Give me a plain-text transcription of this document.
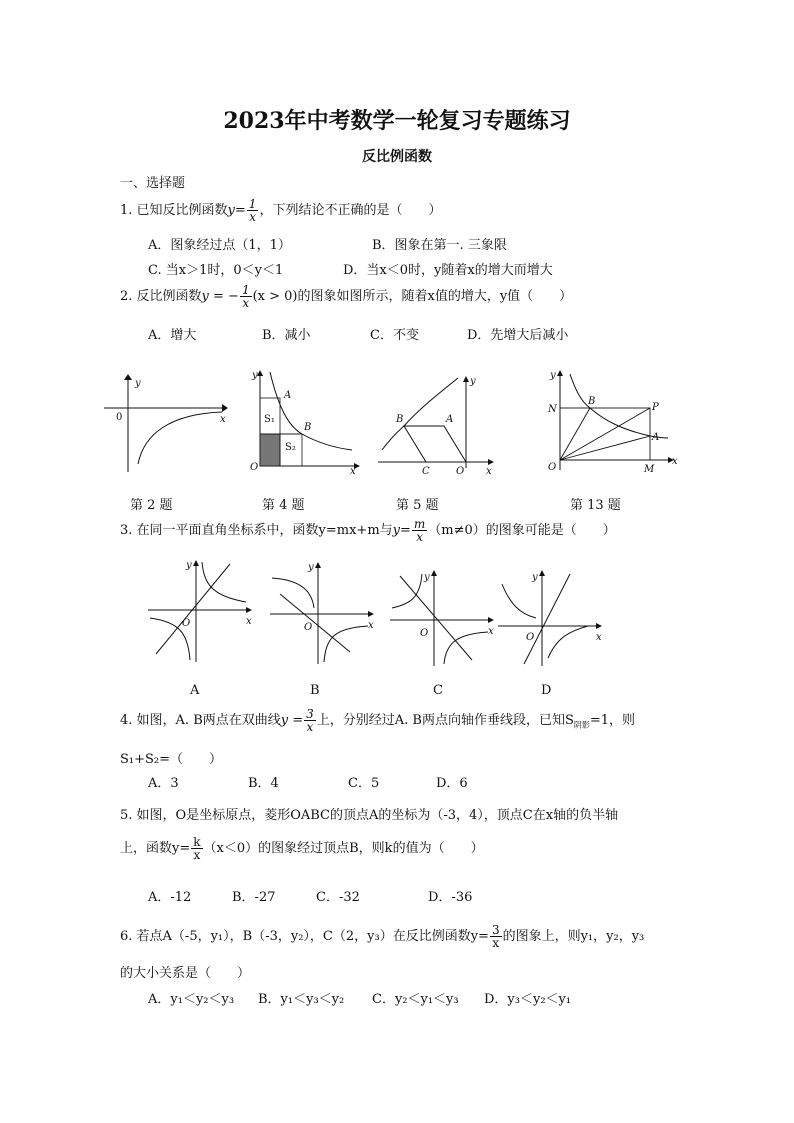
2023年中考数学一轮复习专题练习
反比例函数
一、选择题
1. 已知反比例函数$y= \frac{1}{x}$ ，下列结论不正确的是（　　）
A．图象经过点（1，1）	B．图象在第一. 三象限
C. 当x＞1时，0＜y＜1	D．当x＜0时，y随着x的增大而增大
2. 反比例函数y = − $\frac{1}{x} (x > 0)$的图象如图所示，随着x值的增大，y值（　　）
A．增大	B．减小	C．不变	D．先增大后减小
y
x
0
y
x
O
A
B
S₁
S₂
y
x
O
B	A
C
y
x
O
N
B
P
A
M
第 2 题	第 4 题	第 5 题	第 13 题
3. 在同一平面直角坐标系中，函数y=mx+m与$y= \frac{m}{x} (m\ne 0)$的图象可能是（　　）
y
x
O
y
x
O
y
x
O
y
x
O
A	B	C	D
4. 如图，A. B两点在双曲线$y = \frac{3}{x}$ 上，分别经过A. B两点向轴作垂线段，已知$S_{阴影}=1$，则
S₁+S₂=（　　）
A．3	B．4	C．5	D．6
5. 如图，O是坐标原点，菱形OABC的顶点A的坐标为（-3，4），顶点C在x轴的负半轴
上，函数$y= \frac{k}{x} (x<0)$的图象经过顶点B，则k的值为（　　）
A．-12	B．-27	C．-32	D．-36
6. 若点A（-5，y₁），B（-3，y₂），C（2，y₃）在反比例函数$y= \frac{3}{x}$ 的图象上，则y₁，y₂，y₃
的大小关系是（　　）
A．y₁＜y₂＜y₃ B．y₁＜y₃＜y₂ C．y₂＜y₁＜y₃ D．y₃＜y₂＜y₁
